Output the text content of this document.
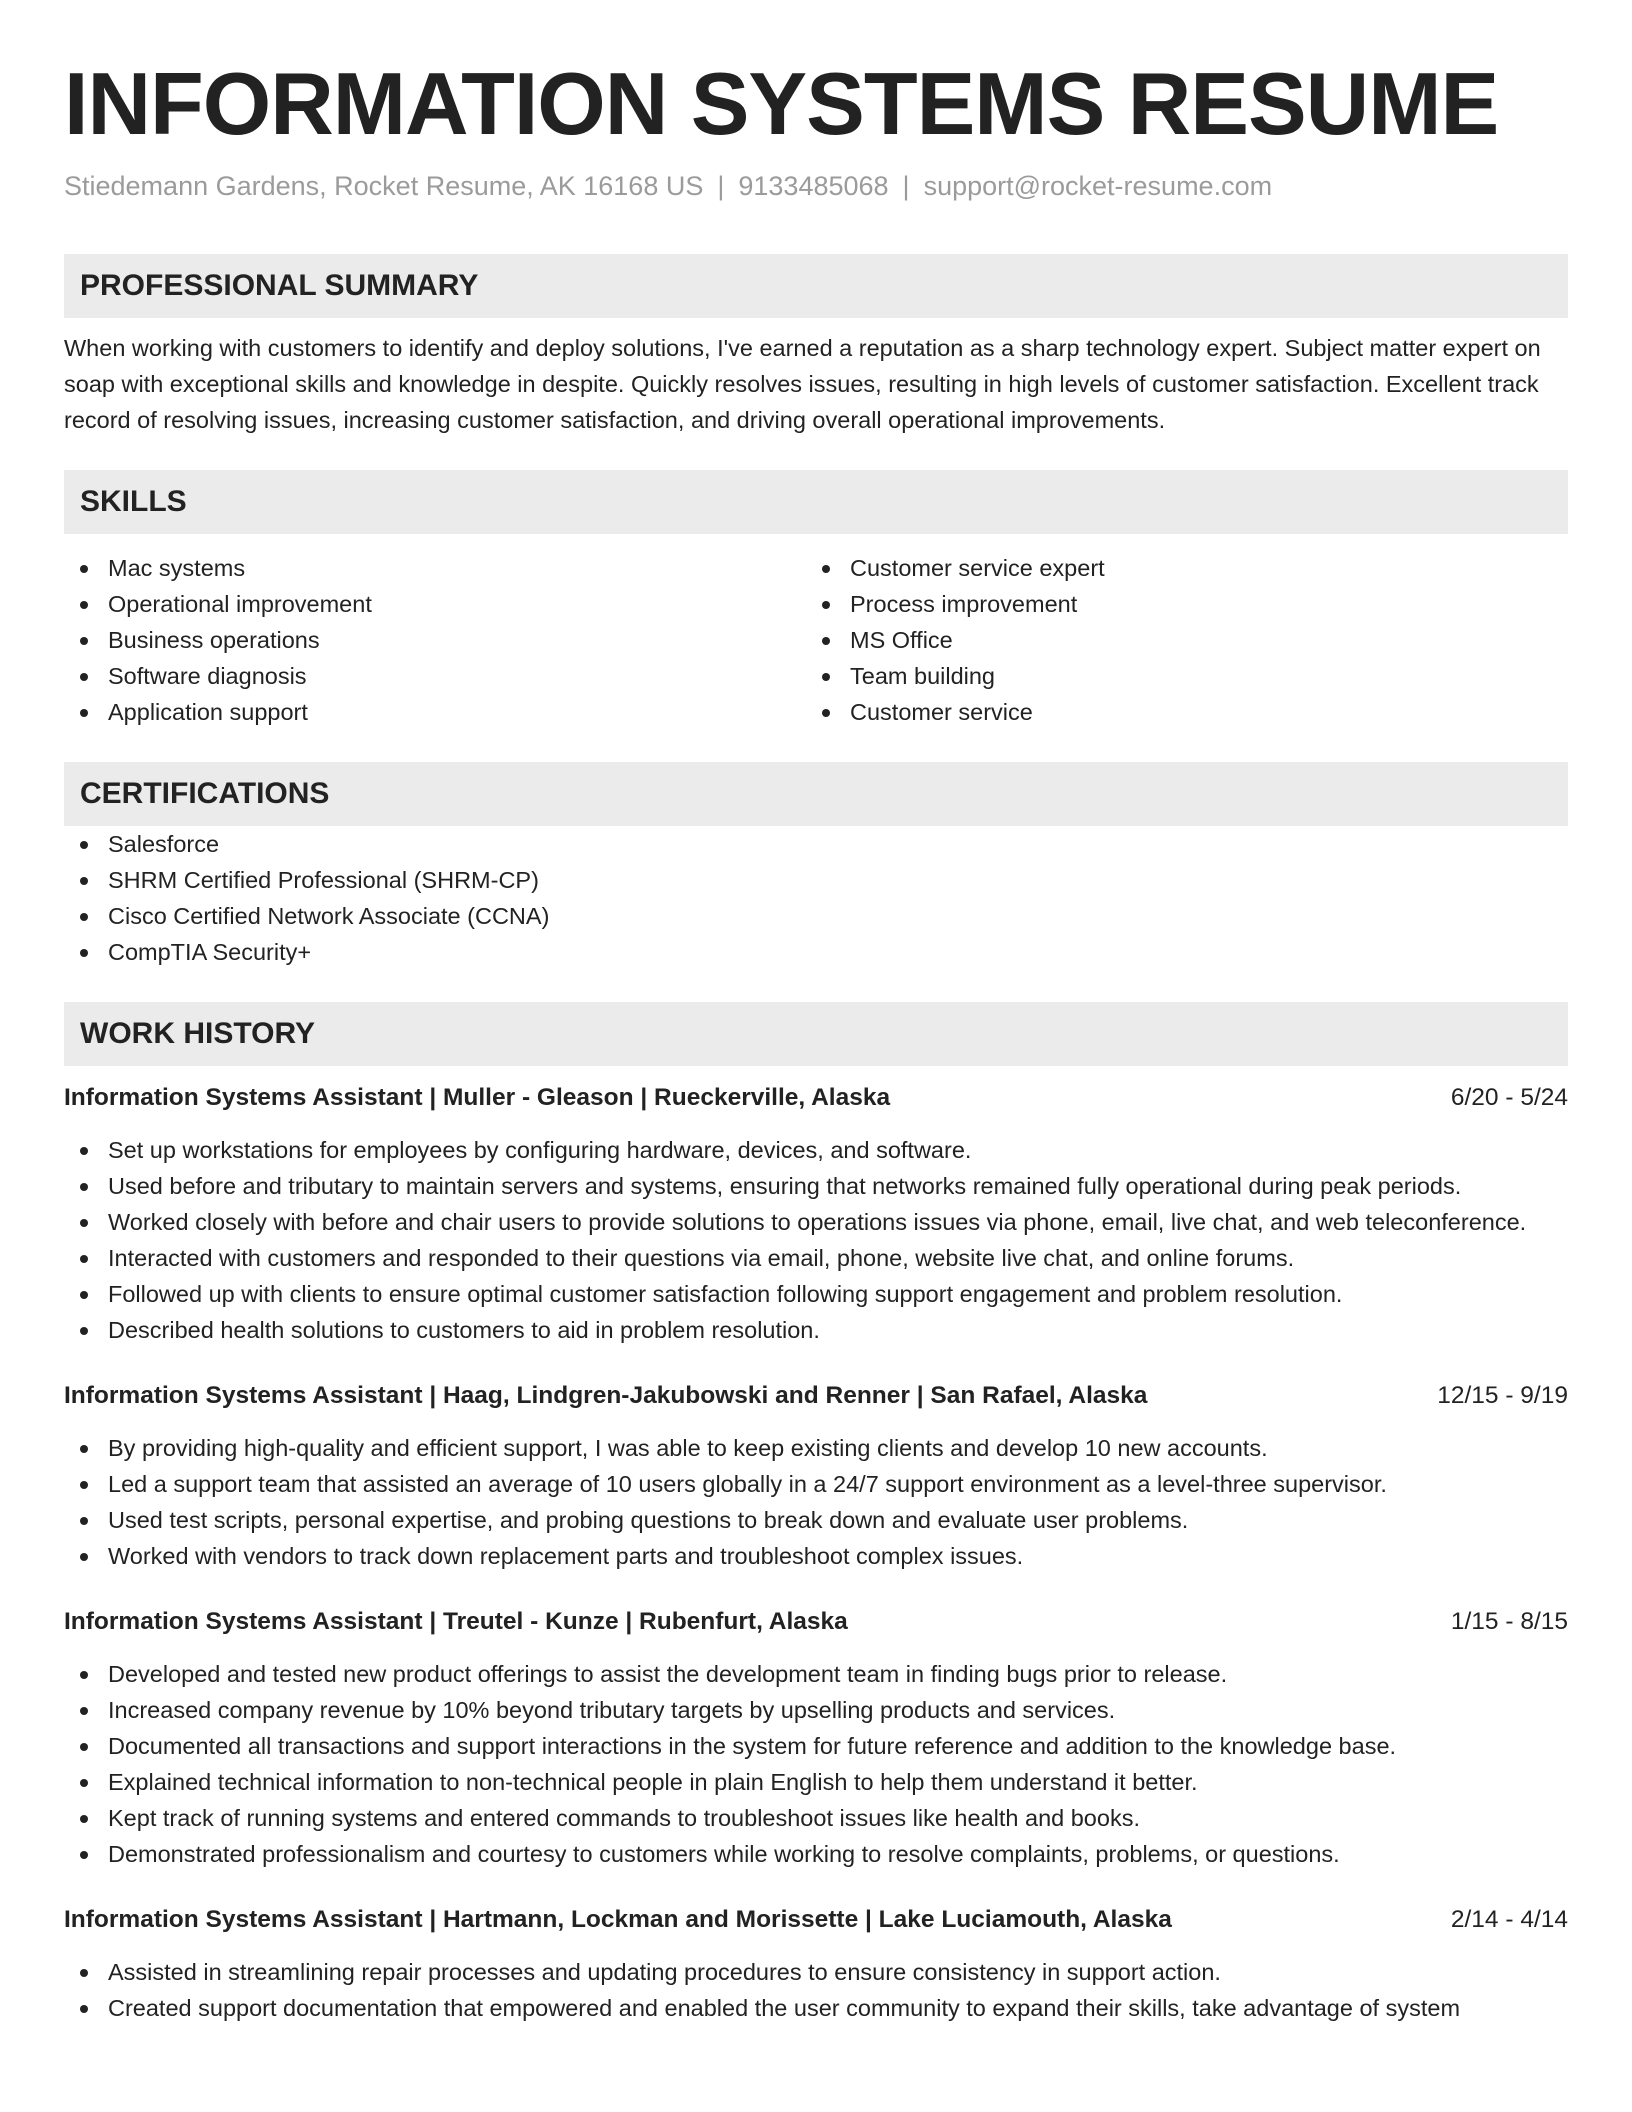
INFORMATION SYSTEMS RESUME
Stiedemann Gardens, Rocket Resume, AK 16168 US | 9133485068 | support@rocket-resume.com
PROFESSIONAL SUMMARY

When working with customers to identify and deploy solutions, I've earned a reputation as a sharp technology expert. Subject matter expert on soap with exceptional skills and knowledge in despite. Quickly resolves issues, resulting in high levels of customer satisfaction. Excellent track record of resolving issues, increasing customer satisfaction, and driving overall operational improvements.

SKILLS
Mac systems
Operational improvement
Business operations
Software diagnosis
Application support
Customer service expert
Process improvement
MS Office
Team building
Customer service
CERTIFICATIONS
Salesforce
SHRM Certified Professional (SHRM-CP)
Cisco Certified Network Associate (CCNA)
CompTIA Security+
WORK HISTORY
Information Systems Assistant | Muller - Gleason | Rueckerville, Alaska	6/20 - 5/24
Set up workstations for employees by configuring hardware, devices, and software.
Used before and tributary to maintain servers and systems, ensuring that networks remained fully operational during peak periods.
Worked closely with before and chair users to provide solutions to operations issues via phone, email, live chat, and web teleconference.
Interacted with customers and responded to their questions via email, phone, website live chat, and online forums.
Followed up with clients to ensure optimal customer satisfaction following support engagement and problem resolution.
Described health solutions to customers to aid in problem resolution.
Information Systems Assistant | Haag, Lindgren-Jakubowski and Renner | San Rafael, Alaska	12/15 - 9/19
By providing high-quality and efficient support, I was able to keep existing clients and develop 10 new accounts.
Led a support team that assisted an average of 10 users globally in a 24/7 support environment as a level-three supervisor.
Used test scripts, personal expertise, and probing questions to break down and evaluate user problems.
Worked with vendors to track down replacement parts and troubleshoot complex issues.
Information Systems Assistant | Treutel - Kunze | Rubenfurt, Alaska	1/15 - 8/15
Developed and tested new product offerings to assist the development team in finding bugs prior to release.
Increased company revenue by 10% beyond tributary targets by upselling products and services.
Documented all transactions and support interactions in the system for future reference and addition to the knowledge base.
Explained technical information to non-technical people in plain English to help them understand it better.
Kept track of running systems and entered commands to troubleshoot issues like health and books.
Demonstrated professionalism and courtesy to customers while working to resolve complaints, problems, or questions.
Information Systems Assistant | Hartmann, Lockman and Morissette | Lake Luciamouth, Alaska	2/14 - 4/14
Assisted in streamlining repair processes and updating procedures to ensure consistency in support action.
Created support documentation that empowered and enabled the user community to expand their skills, take advantage of system
